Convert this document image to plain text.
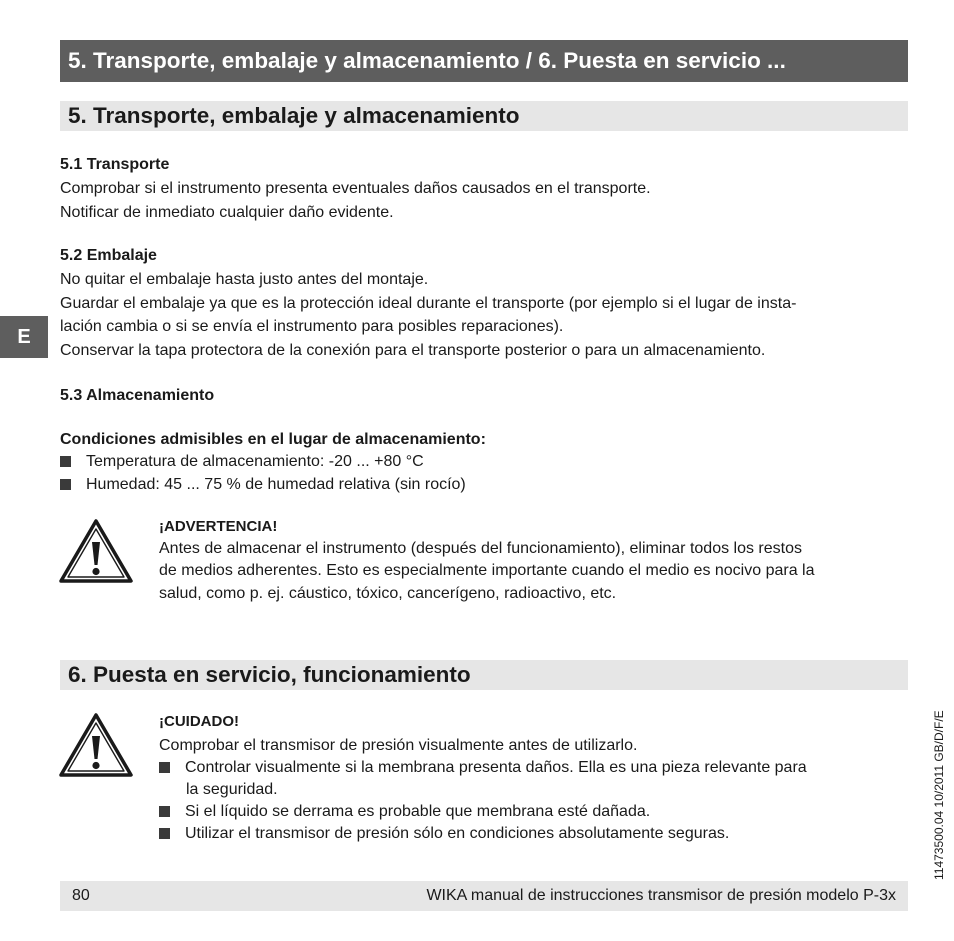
5. Transporte, embalaje y almacenamiento / 6. Puesta en servicio ...
E
5. Transporte, embalaje y almacenamiento
5.1 Transporte
Comprobar si el instrumento presenta eventuales daños causados en el transporte.
Notificar de inmediato cualquier daño evidente.
5.2 Embalaje
No quitar el embalaje hasta justo antes del montaje.
Guardar el embalaje ya que es la protección ideal durante el transporte (por ejemplo si el lugar de insta-
lación cambia o si se envía el instrumento para posibles reparaciones).
Conservar la tapa protectora de la conexión para el transporte posterior o para un almacenamiento.
5.3 Almacenamiento
Condiciones admisibles en el lugar de almacenamiento:
Temperatura de almacenamiento: -20 ... +80 °C
Humedad: 45 ... 75 % de humedad relativa (sin rocío)
¡ADVERTENCIA!
Antes de almacenar el instrumento (después del funcionamiento), eliminar todos los restos
de medios adherentes. Esto es especialmente importante cuando el medio es nocivo para la
salud, como p. ej. cáustico, tóxico, cancerígeno, radioactivo, etc.
6. Puesta en servicio, funcionamiento
¡CUIDADO!
Comprobar el transmisor de presión visualmente antes de utilizarlo.
Controlar visualmente si la membrana presenta daños. Ella es una pieza relevante para
la seguridad.
Si el líquido se derrama es probable que membrana esté dañada.
Utilizar el transmisor de presión sólo en condiciones absolutamente seguras.	11473500.04 10/2011 GB/D/F/E
80	WIKA manual de instrucciones transmisor de presión modelo P-3x
